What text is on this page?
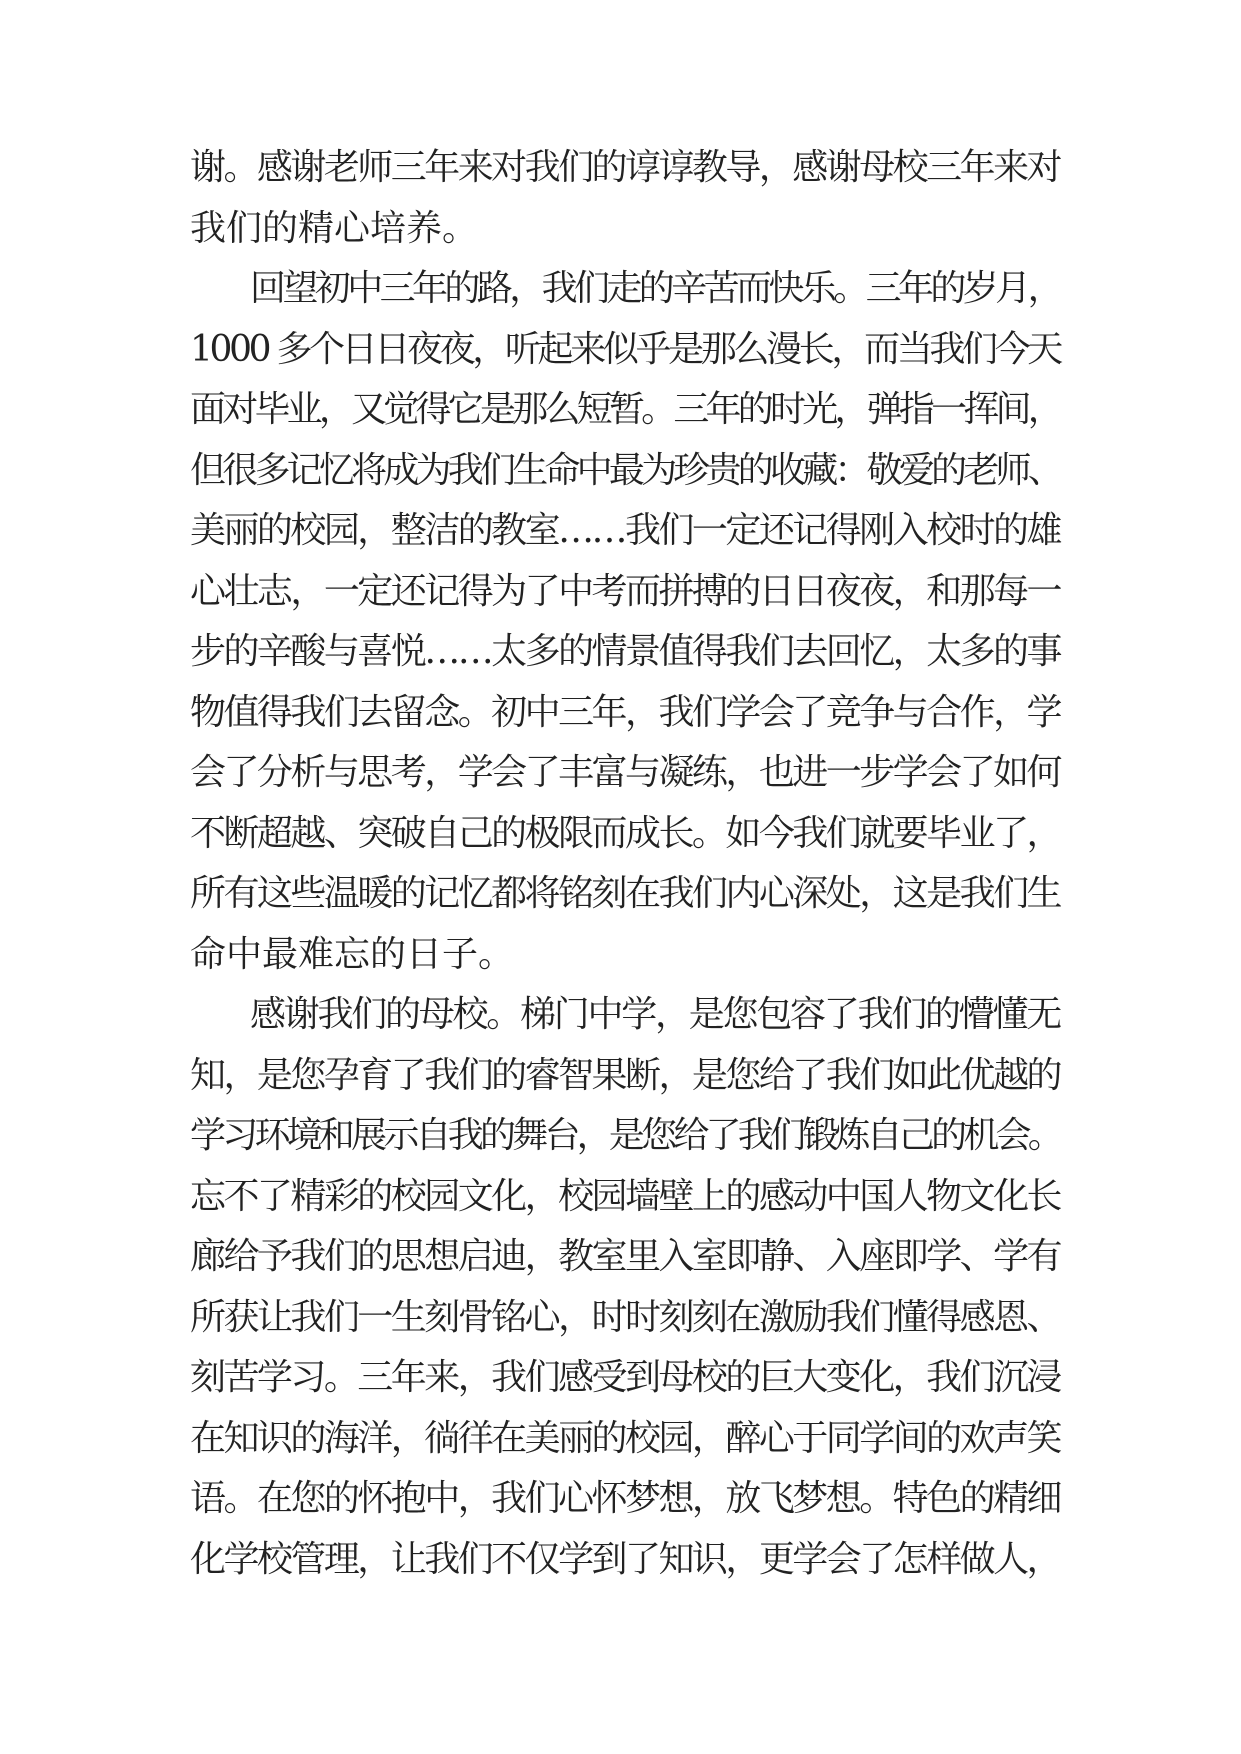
谢。感谢老师三年来对我们的谆谆教导，感谢母校三年来对
我们的精心培养。
回望初中三年的路，我们走的辛苦而快乐。三年的岁月，
1000 多个日日夜夜，听起来似乎是那么漫长，而当我们今天
面对毕业，又觉得它是那么短暂。三年的时光，弹指一挥间，
但很多记忆将成为我们生命中最为珍贵的收藏：敬爱的老师、
美丽的校园，整洁的教室……我们一定还记得刚入校时的雄
心壮志，一定还记得为了中考而拼搏的日日夜夜，和那每一
步的辛酸与喜悦……太多的情景值得我们去回忆，太多的事
物值得我们去留念。初中三年，我们学会了竞争与合作，学
会了分析与思考，学会了丰富与凝练，也进一步学会了如何
不断超越、突破自己的极限而成长。如今我们就要毕业了，
所有这些温暖的记忆都将铭刻在我们内心深处，这是我们生
命中最难忘的日子。
感谢我们的母校。梯门中学，是您包容了我们的懵懂无
知，是您孕育了我们的睿智果断，是您给了我们如此优越的
学习环境和展示自我的舞台，是您给了我们锻炼自己的机会。
忘不了精彩的校园文化，校园墙壁上的感动中国人物文化长
廊给予我们的思想启迪，教室里入室即静、入座即学、学有
所获让我们一生刻骨铭心，时时刻刻在激励我们懂得感恩、
刻苦学习。三年来，我们感受到母校的巨大变化，我们沉浸
在知识的海洋，徜徉在美丽的校园，醉心于同学间的欢声笑
语。在您的怀抱中，我们心怀梦想，放飞梦想。特色的精细
化学校管理，让我们不仅学到了知识，更学会了怎样做人，
